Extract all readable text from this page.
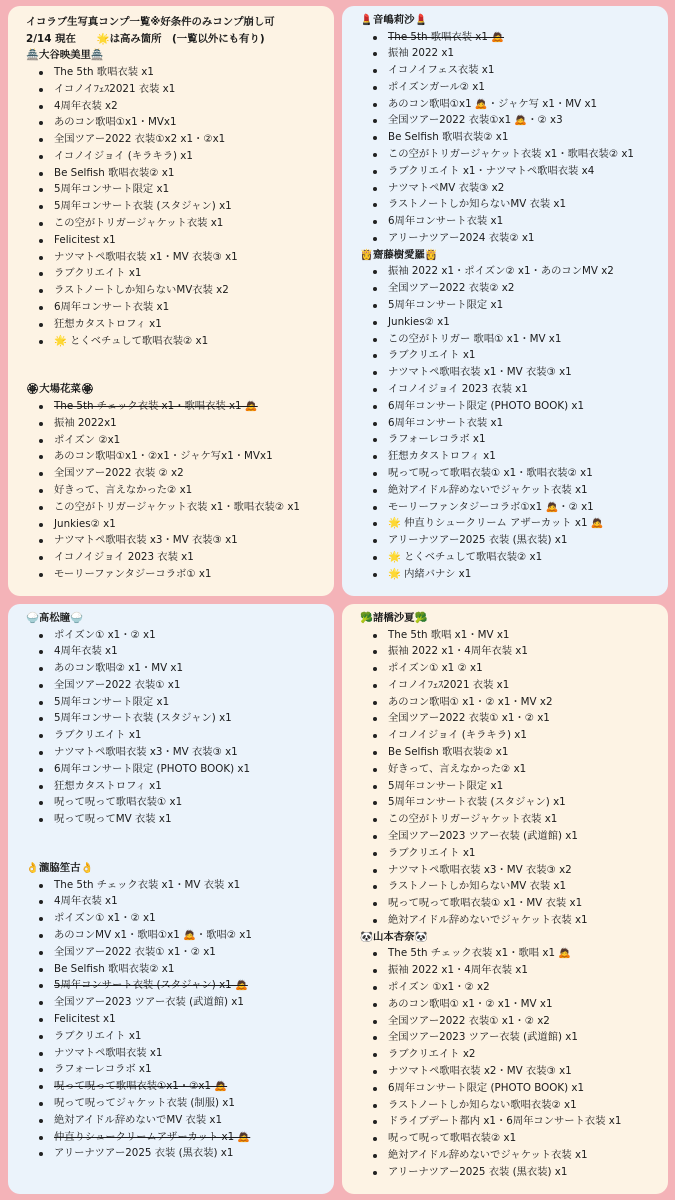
イコラブ生写真コンプ一覧※好条件のみコンプ崩し可
2/14 現在　　🌟は高み箇所　(一覧以外にも有り)
🏯大谷映美里🏯
The 5th 歌唱衣装 x1
イコノイﾌｪｽ2021 衣装 x1
4周年衣装 x2
あのコン歌唱①x1・MVx1
全国ツアー2022 衣装①x2 x1・②x1
イコノイジョイ (キラキラ) x1
Be Selfish 歌唱衣装② x1
5周年コンサート限定 x1
5周年コンサート衣装 (スタジャン) x1
この空がトリガージャケット衣装 x1
Felicitest x1
ナツマトペ歌唱衣装 x1・MV 衣装③ x1
ラブクリエイト x1
ラストノートしか知らないMV衣装 x2
6周年コンサート衣装 x1
狂想カタストロフィ x1
🌟 とくベチュして歌唱衣装② x1
🏵大場花菜🏵
The 5th チェック衣装 x1・歌唱衣装 x1 🙇
振袖 2022x1
ポイズン ②x1
あのコン歌唱①x1・②x1・ジャケ写x1・MVx1
全国ツアー2022 衣装 ② x2
好きって、言えなかった② x1
この空がトリガージャケット衣装 x1・歌唱衣装② x1
Junkies② x1
ナツマトペ歌唱衣装 x3・MV 衣装③ x1
イコノイジョイ 2023 衣装 x1
モーリーファンタジーコラボ① x1
💄音嶋莉沙💄
The 5th 歌唱衣装 x1 🙇
振袖 2022 x1
イコノイフェス衣装 x1
ポイズンガール② x1
あのコン歌唱①x1 🙇・ジャケ写 x1・MV x1
全国ツアー2022 衣装①x1 🙇・② x3
Be Selfish 歌唱衣装② x1
この空がトリガージャケット衣装 x1・歌唱衣装② x1
ラブクリエイト x1・ナツマトペ歌唱衣装 x4
ナツマトペMV 衣装③ x2
ラストノートしか知らないMV 衣装 x1
6周年コンサート衣装 x1
アリーナツアー2024 衣装② x1
👸齋藤樹愛羅👸
振袖 2022 x1・ポイズン② x1・あのコンMV x2
全国ツアー2022 衣装② x2
5周年コンサート限定 x1
Junkies② x1
この空がトリガー 歌唱① x1・MV x1
ラブクリエイト x1
ナツマトペ歌唱衣装 x1・MV 衣装③ x1
イコノイジョイ 2023 衣装 x1
6周年コンサート限定 (PHOTO BOOK) x1
6周年コンサート衣装 x1
ラフォーレコラボ x1
狂想カタストロフィ x1
呪って呪って歌唱衣装① x1・歌唱衣装② x1
絶対アイドル辞めないでジャケット衣装 x1
モーリーファンタジーコラボ①x1 🙇・② x1
🌟 仲直りシュークリーム アザーカット x1 🙇
アリーナツアー2025 衣装 (黒衣装) x1
🌟 とくベチュして歌唱衣装② x1
🌟 内緒バナシ x1
🍚髙松瞳🍚
ポイズン① x1・② x1
4周年衣装 x1
あのコン歌唱② x1・MV x1
全国ツアー2022 衣装① x1
5周年コンサート限定 x1
5周年コンサート衣装 (スタジャン) x1
ラブクリエイト x1
ナツマトペ歌唱衣装 x3・MV 衣装③ x1
6周年コンサート限定 (PHOTO BOOK) x1
狂想カタストロフィ x1
呪って呪って歌唱衣装① x1
呪って呪ってMV 衣装 x1
👌瀧脇笙古👌
The 5th チェック衣装 x1・MV 衣装 x1
4周年衣装 x1
ポイズン① x1・② x1
あのコンMV x1・歌唱①x1 🙇・歌唱② x1
全国ツアー2022 衣装① x1・② x1
Be Selfish 歌唱衣装② x1
5周年コンサート衣装 (スタジャン) x1 🙇
全国ツアー2023 ツアー衣装 (武道館) x1
Felicitest x1
ラブクリエイト x1
ナツマトペ歌唱衣装 x1
ラフォーレコラボ x1
呪って呪って歌唱衣装①x1・②x1 🙇
呪って呪ってジャケット衣装 (制服) x1
絶対アイドル辞めないでMV 衣装 x1
仲直りシュークリームアザーカット x1 🙇
アリーナツアー2025 衣装 (黒衣装) x1
🥦諸橋沙夏🥦
The 5th 歌唱 x1・MV x1
振袖 2022 x1・4周年衣装 x1
ポイズン① x1 ② x1
イコノイﾌｪｽ2021 衣装 x1
あのコン歌唱① x1・② x1・MV x2
全国ツアー2022 衣装① x1・② x1
イコノイジョイ (キラキラ) x1
Be Selfish 歌唱衣装② x1
好きって、言えなかった② x1
5周年コンサート限定 x1
5周年コンサート衣装 (スタジャン) x1
この空がトリガージャケット衣装 x1
全国ツアー2023 ツアー衣装 (武道館) x1
ラブクリエイト x1
ナツマトペ歌唱衣装 x3・MV 衣装③ x2
ラストノートしか知らないMV 衣装 x1
呪って呪って歌唱衣装① x1・MV 衣装 x1
絶対アイドル辞めないでジャケット衣装 x1
🐼山本杏奈🐼
The 5th チェック衣装 x1・歌唱 x1 🙇
振袖 2022 x1・4周年衣装 x1
ポイズン ①x1・② x2
あのコン歌唱① x1・② x1・MV x1
全国ツアー2022 衣装① x1・② x2
全国ツアー2023 ツアー衣装 (武道館) x1
ラブクリエイト x2
ナツマトペ歌唱衣装 x2・MV 衣装③ x1
6周年コンサート限定 (PHOTO BOOK) x1
ラストノートしか知らない歌唱衣装② x1
ドライブデート都内 x1・6周年コンサート衣装 x1
呪って呪って歌唱衣装② x1
絶対アイドル辞めないでジャケット衣装 x1
アリーナツアー2025 衣装 (黒衣装) x1
